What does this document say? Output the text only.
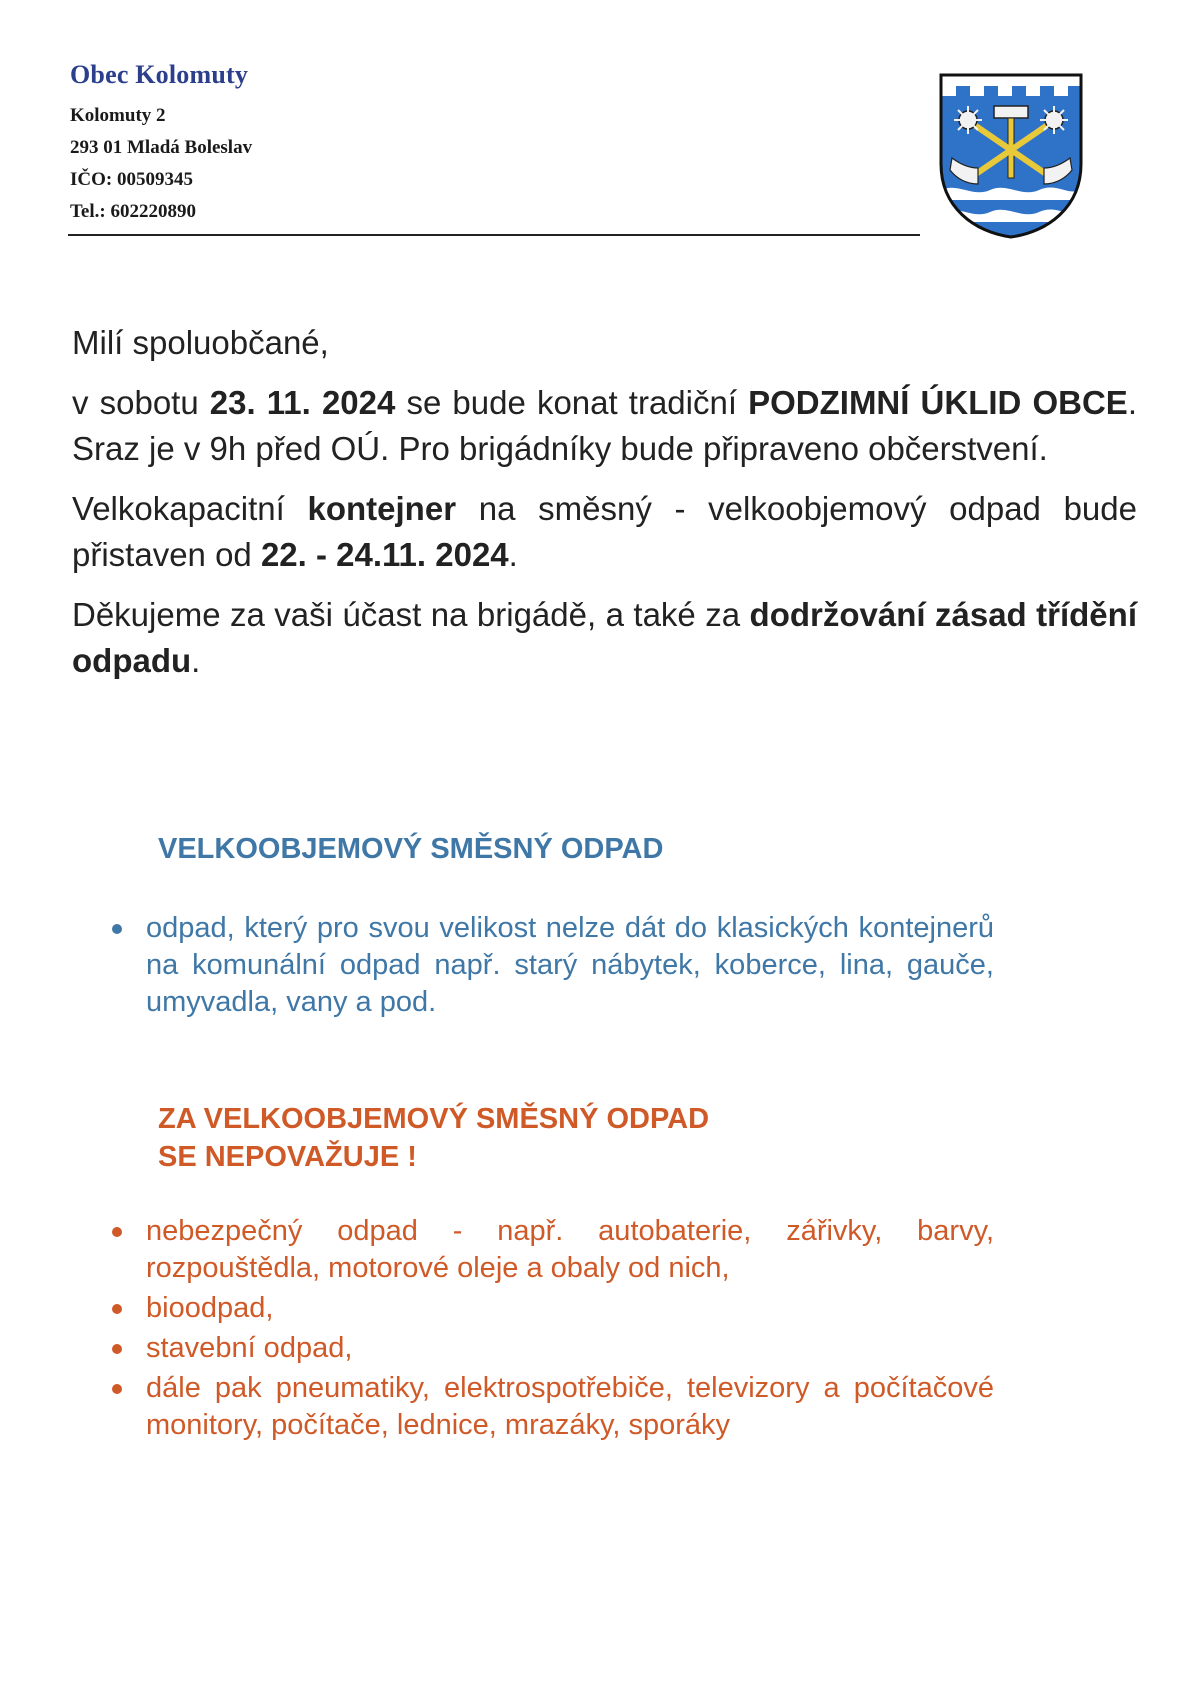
Obec Kolomuty
Kolomuty 2
293 01 Mladá Boleslav
IČO: 00509345
Tel.: 602220890

Milí spoluobčané,

v sobotu 23. 11. 2024 se bude konat tradiční PODZIMNÍ ÚKLID OBCE. Sraz je v 9h před OÚ. Pro brigádníky bude připraveno občerstvení.

Velkokapacitní kontejner na směsný - velkoobjemový odpad bude přistaven od 22. - 24.11. 2024.

Děkujeme za vaši účast na brigádě, a také za dodržování zásad třídění odpadu.

VELKOOBJEMOVÝ SMĚSNÝ ODPAD
odpad, který pro svou velikost nelze dát do klasických kontejnerů na komunální odpad např. starý nábytek, koberce, lina, gauče, umyvadla, vany a pod.
ZA VELKOOBJEMOVÝ SMĚSNÝ ODPAD
SE NEPOVAŽUJE !
nebezpečný odpad - např. autobaterie, zářivky, barvy, rozpouštědla, motorové oleje a obaly od nich,
bioodpad,
stavební odpad,
dále pak pneumatiky, elektrospotřebiče, televizory a počítačové monitory, počítače, lednice, mrazáky, sporáky
